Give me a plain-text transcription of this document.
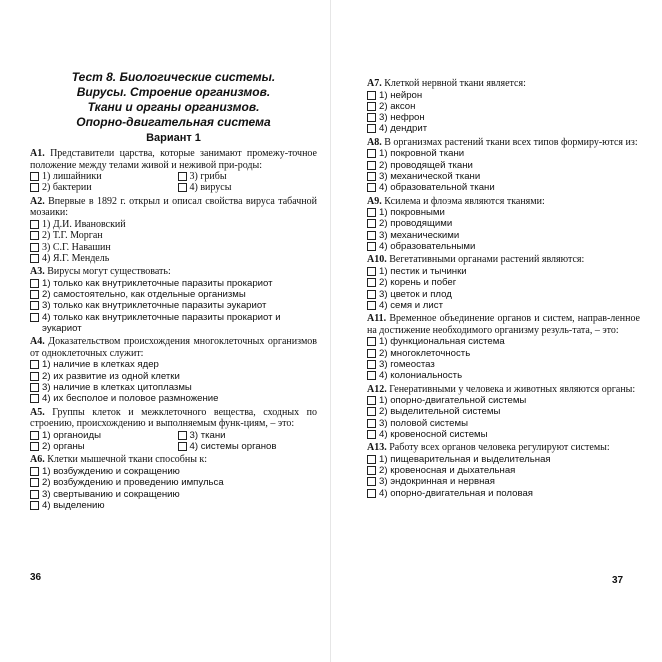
Тест 8. Биологические системы.
Вирусы. Строение организмов.
Ткани и органы организмов.
Опорно-двигательная система
Вариант 1
А1. Представители царства, которые занимают промежу-точное положение между телами живой и неживой при-роды:
1) лишайники	3) грибы
2) бактерии	4) вирусы
А2. Впервые в 1892 г. открыл и описал свойства вируса табачной мозаики:
1) Д.И. Ивановский
2) Т.Г. Морган
3) С.Г. Навашин
4) Я.Г. Мендель
А3. Вирусы могут существовать:
1) только как внутриклеточные паразиты прокариот
2) самостоятельно, как отдельные организмы
3) только как внутриклеточные паразиты эукариот
4) только как внутриклеточные паразиты прокариот и эукариот
А4. Доказательством происхождения многоклеточных организмов от одноклеточных служит:
1) наличие в клетках ядер
2) их развитие из одной клетки
3) наличие в клетках цитоплазмы
4) их бесполое и половое размножение
А5. Группы клеток и межклеточного вещества, сходных по строению, происхождению и выполняемым функ-циям, – это:
1) органоиды	3) ткани
2) органы	4) системы органов
А6. Клетки мышечной ткани способны к:
1) возбуждению и сокращению
2) возбуждению и проведению импульса
3) свертыванию и сокращению
4) выделению
А7. Клеткой нервной ткани является:
1) нейрон
2) аксон
3) нефрон
4) дендрит
А8. В организмах растений ткани всех типов формиру-ются из:
1) покровной ткани
2) проводящей ткани
3) механической ткани
4) образовательной ткани
А9. Ксилема и флоэма являются тканями:
1) покровными
2) проводящими
3) механическими
4) образовательными
А10. Вегетативными органами растений являются:
1) пестик и тычинки
2) корень и побег
3) цветок и плод
4) семя и лист
А11. Временное объединение органов и систем, направ-ленное на достижение необходимого организму резуль-тата, – это:
1) функциональная система
2) многоклеточность
3) гомеостаз
4) колониальность
А12. Генеративными у человека и животных являются органы:
1) опорно-двигательной системы
2) выделительной системы
3) половой системы
4) кровеносной системы
А13. Работу всех органов человека регулируют системы:
1) пищеварительная и выделительная
2) кровеносная и дыхательная
3) эндокринная и нервная
4) опорно-двигательная и половая
36	37
